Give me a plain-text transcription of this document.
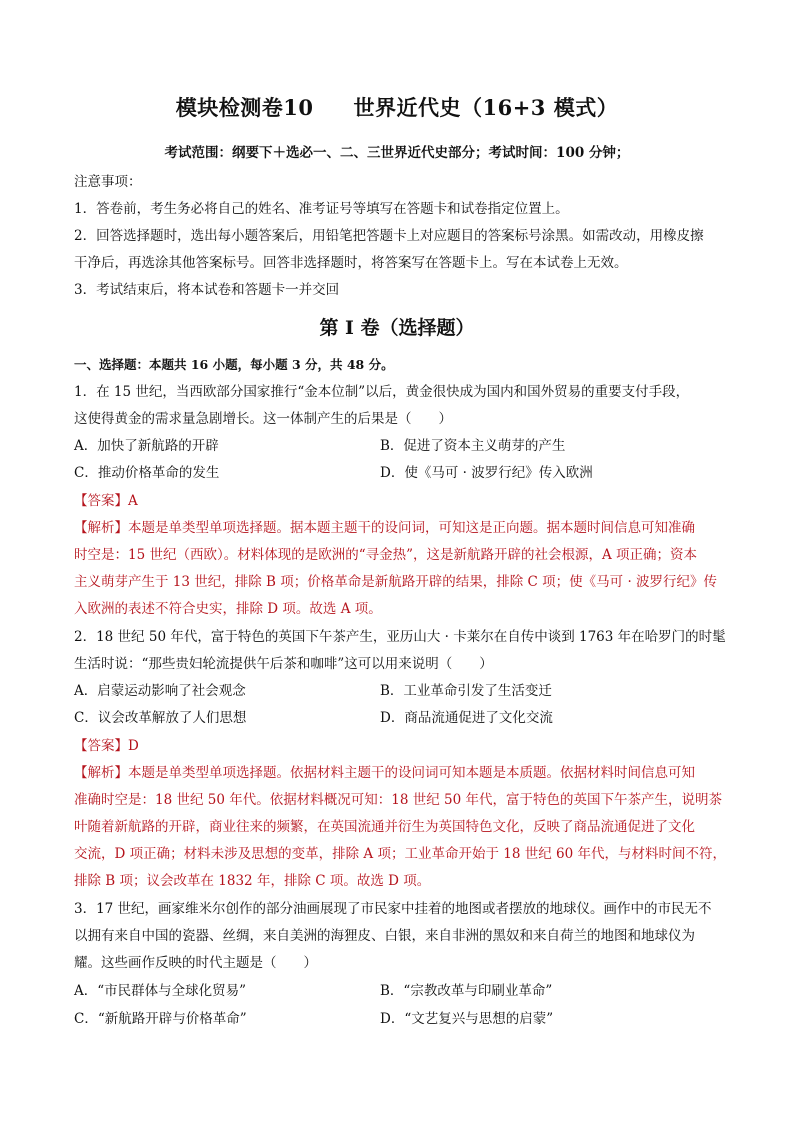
模块检测卷10 世界近代史（16+3 模式）
考试范围：纲要下＋选必一、二、三世界近代史部分；考试时间：100 分钟；
注意事项：
1．答卷前，考生务必将自己的姓名、准考证号等填写在答题卡和试卷指定位置上。
2．回答选择题时，选出每小题答案后，用铅笔把答题卡上对应题目的答案标号涂黑。如需改动，用橡皮擦
干净后，再选涂其他答案标号。回答非选择题时，将答案写在答题卡上。写在本试卷上无效。
3．考试结束后，将本试卷和答题卡一并交回
第 I 卷（选择题）
一、选择题：本题共 16 小题，每小题 3 分，共 48 分。
1．在 15 世纪，当西欧部分国家推行“金本位制”以后，黄金很快成为国内和国外贸易的重要支付手段，
这使得黄金的需求量急剧增长。这一体制产生的后果是（　　）
A．加快了新航路的开辟	B．促进了资本主义萌芽的产生
C．推动价格革命的发生	D．使《马可 · 波罗行纪》传入欧洲
【答案】A
【解析】本题是单类型单项选择题。据本题主题干的设问词，可知这是正向题。据本题时间信息可知准确
时空是：15 世纪（西欧）。材料体现的是欧洲的“寻金热”，这是新航路开辟的社会根源，A 项正确；资本
主义萌芽产生于 13 世纪，排除 B 项；价格革命是新航路开辟的结果，排除 C 项；使《马可 · 波罗行纪》传
入欧洲的表述不符合史实，排除 D 项。故选 A 项。
2．18 世纪 50 年代，富于特色的英国下午茶产生，亚历山大 · 卡莱尔在自传中谈到 1763 年在哈罗门的时髦
生活时说：“那些贵妇轮流提供午后茶和咖啡”这可以用来说明（　　）
A．启蒙运动影响了社会观念	B．工业革命引发了生活变迁
C．议会改革解放了人们思想	D．商品流通促进了文化交流
【答案】D
【解析】本题是单类型单项选择题。依据材料主题干的设问词可知本题是本质题。依据材料时间信息可知
准确时空是：18 世纪 50 年代。依据材料概况可知：18 世纪 50 年代，富于特色的英国下午茶产生，说明茶
叶随着新航路的开辟，商业往来的频繁，在英国流通并衍生为英国特色文化，反映了商品流通促进了文化
交流，D 项正确；材料未涉及思想的变革，排除 A 项；工业革命开始于 18 世纪 60 年代，与材料时间不符，
排除 B 项；议会改革在 1832 年，排除 C 项。故选 D 项。
3．17 世纪，画家维米尔创作的部分油画展现了市民家中挂着的地图或者摆放的地球仪。画作中的市民无不
以拥有来自中国的瓷器、丝绸，来自美洲的海狸皮、白银，来自非洲的黑奴和来自荷兰的地图和地球仪为
耀。这些画作反映的时代主题是（　　）
A．“市民群体与全球化贸易”	B．“宗教改革与印刷业革命”
C．“新航路开辟与价格革命”	D．“文艺复兴与思想的启蒙”
